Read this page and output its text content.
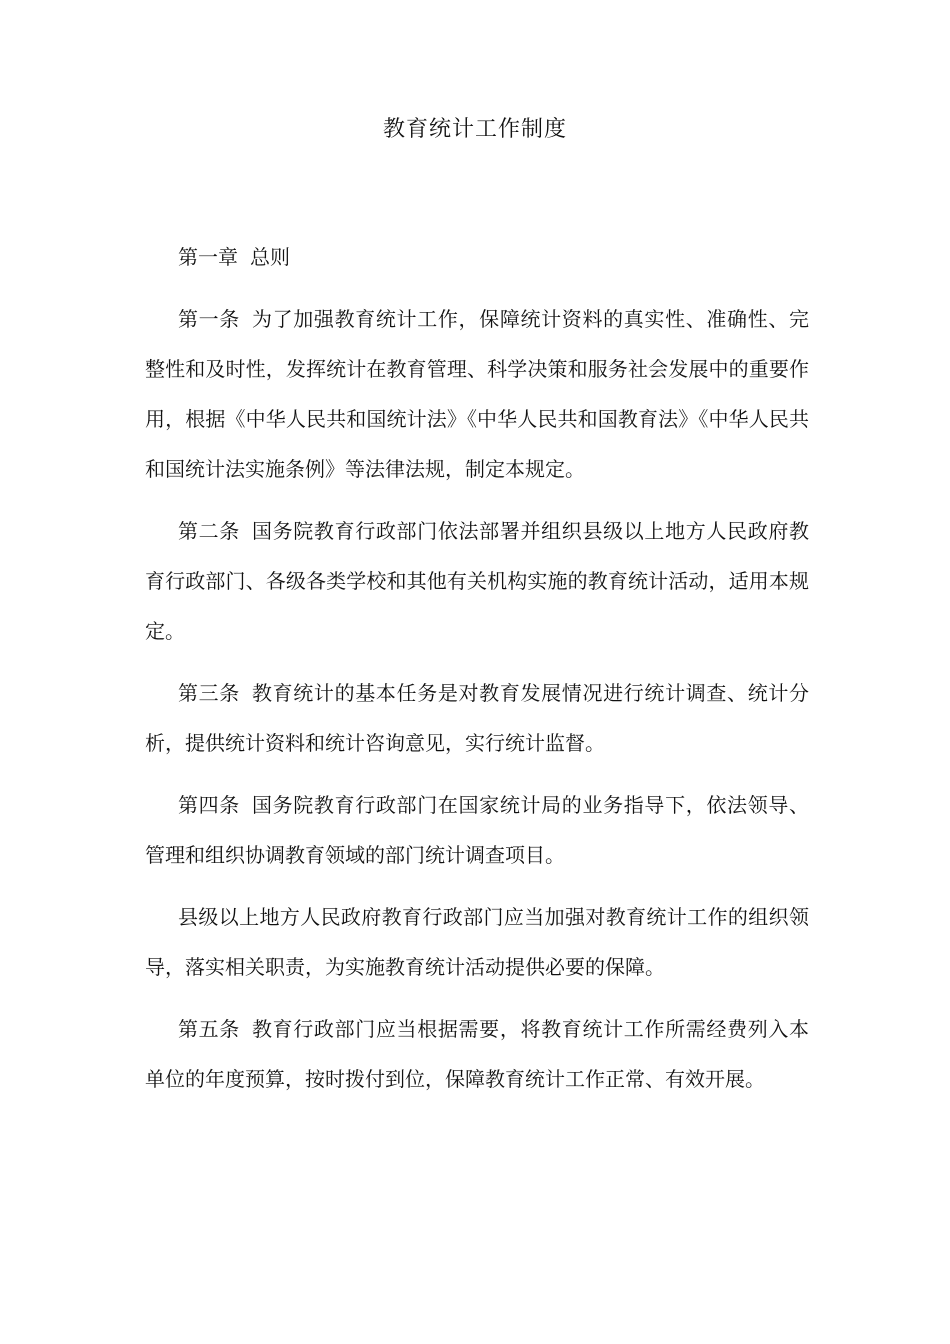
教育统计工作制度

第一章 总则

第一条 为了加强教育统计工作，保障统计资料的真实性、准确性、完整性和及时性，发挥统计在教育管理、科学决策和服务社会发展中的重要作用，根据《中华人民共和国统计法》《中华人民共和国教育法》《中华人民共和国统计法实施条例》等法律法规，制定本规定。

第二条 国务院教育行政部门依法部署并组织县级以上地方人民政府教育行政部门、各级各类学校和其他有关机构实施的教育统计活动，适用本规定。

第三条 教育统计的基本任务是对教育发展情况进行统计调查、统计分析，提供统计资料和统计咨询意见，实行统计监督。

第四条 国务院教育行政部门在国家统计局的业务指导下，依法领导、管理和组织协调教育领域的部门统计调查项目。

县级以上地方人民政府教育行政部门应当加强对教育统计工作的组织领导，落实相关职责，为实施教育统计活动提供必要的保障。

第五条 教育行政部门应当根据需要，将教育统计工作所需经费列入本单位的年度预算，按时拨付到位，保障教育统计工作正常、有效开展。
